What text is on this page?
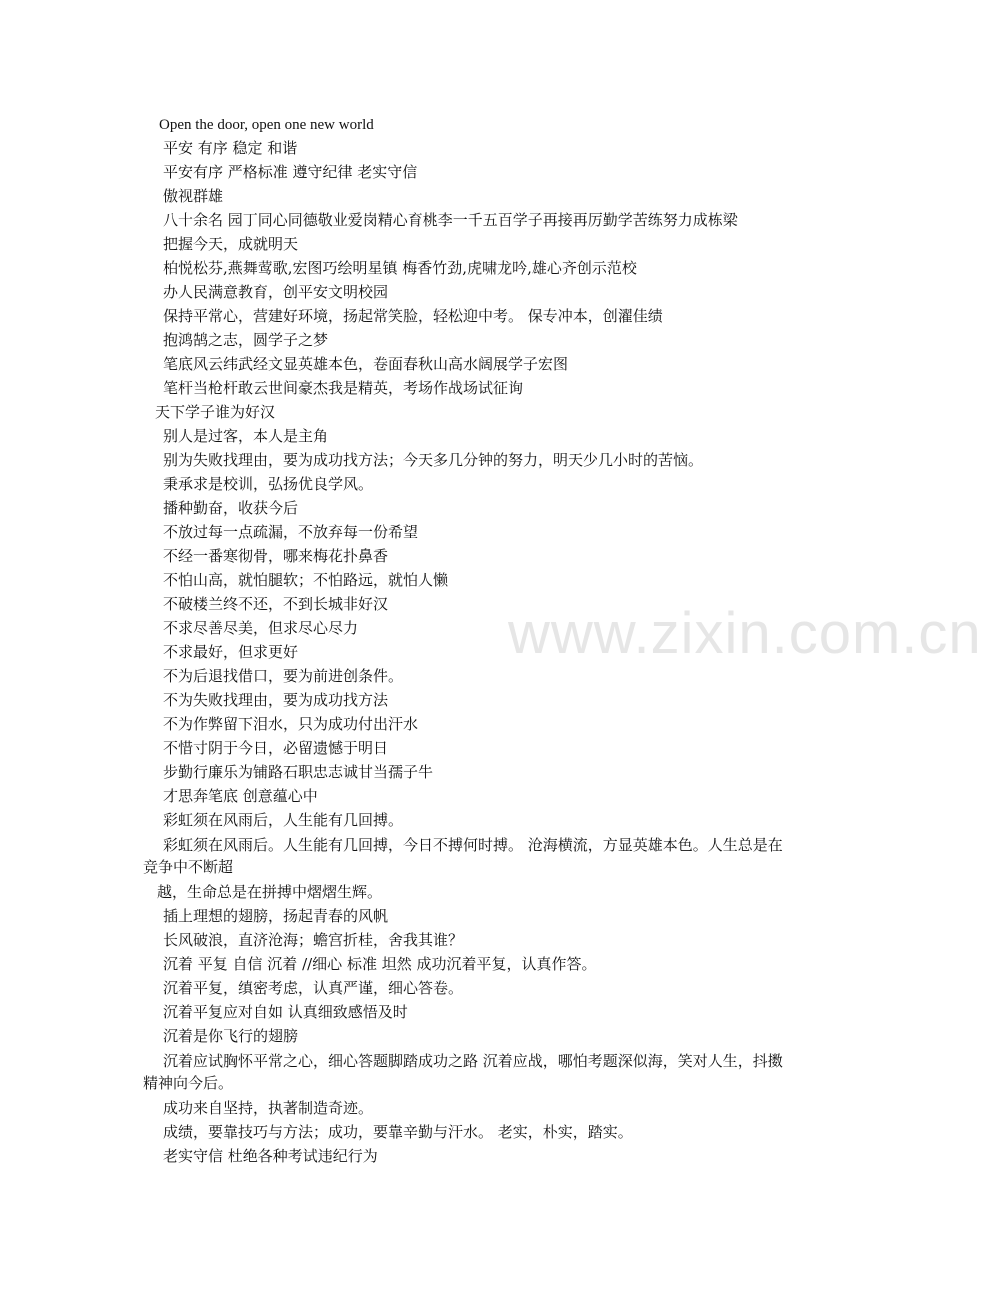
www.zixin.com.cn
Open the door, open one new world
平安 有序 稳定 和谐
平安有序 严格标准 遵守纪律 老实守信
傲视群雄
八十余名 园丁同心同德敬业爱岗精心育桃李一千五百学子再接再厉勤学苦练努力成栋梁
把握今天，成就明天
柏悦松芬,燕舞莺歌,宏图巧绘明星镇 梅香竹劲,虎啸龙吟,雄心齐创示范校
办人民满意教育，创平安文明校园
保持平常心，营建好环境，扬起常笑脸，轻松迎中考。 保专冲本，创濯佳绩
抱鸿鹄之志，圆学子之梦
笔底风云纬武经文显英雄本色，卷面春秋山高水阔展学子宏图
笔杆当枪杆敢云世间豪杰我是精英，考场作战场试征询
天下学子谁为好汉
别人是过客，本人是主角
别为失败找理由，要为成功找方法；今天多几分钟的努力，明天少几小时的苦恼。
秉承求是校训，弘扬优良学风。
播种勤奋，收获今后
不放过每一点疏漏，不放弃每一份希望
不经一番寒彻骨，哪来梅花扑鼻香
不怕山高，就怕腿软；不怕路远，就怕人懒
不破楼兰终不还，不到长城非好汉
不求尽善尽美，但求尽心尽力
不求最好，但求更好
不为后退找借口，要为前进创条件。
不为失败找理由，要为成功找方法
不为作弊留下泪水，只为成功付出汗水
不惜寸阴于今日，必留遗憾于明日
步勤行廉乐为铺路石职忠志诚甘当孺子牛
才思奔笔底 创意蕴心中
彩虹须在风雨后，人生能有几回搏。
彩虹须在风雨后。人生能有几回搏，今日不搏何时搏。 沧海横流，方显英雄本色。人生总是在竞争中不断超
越，生命总是在拼搏中熠熠生辉。
插上理想的翅膀，扬起青春的风帆
长风破浪，直济沧海；蟾宫折桂，舍我其谁？
沉着 平复 自信 沉着 //细心 标准 坦然 成功沉着平复，认真作答。
沉着平复，缜密考虑，认真严谨，细心答卷。
沉着平复应对自如 认真细致感悟及时
沉着是你飞行的翅膀
沉着应试胸怀平常之心，细心答题脚踏成功之路 沉着应战，哪怕考题深似海，笑对人生，抖擞精神向今后。
成功来自坚持，执著制造奇迹。
成绩，要靠技巧与方法；成功，要靠辛勤与汗水。 老实，朴实，踏实。
老实守信 杜绝各种考试违纪行为
